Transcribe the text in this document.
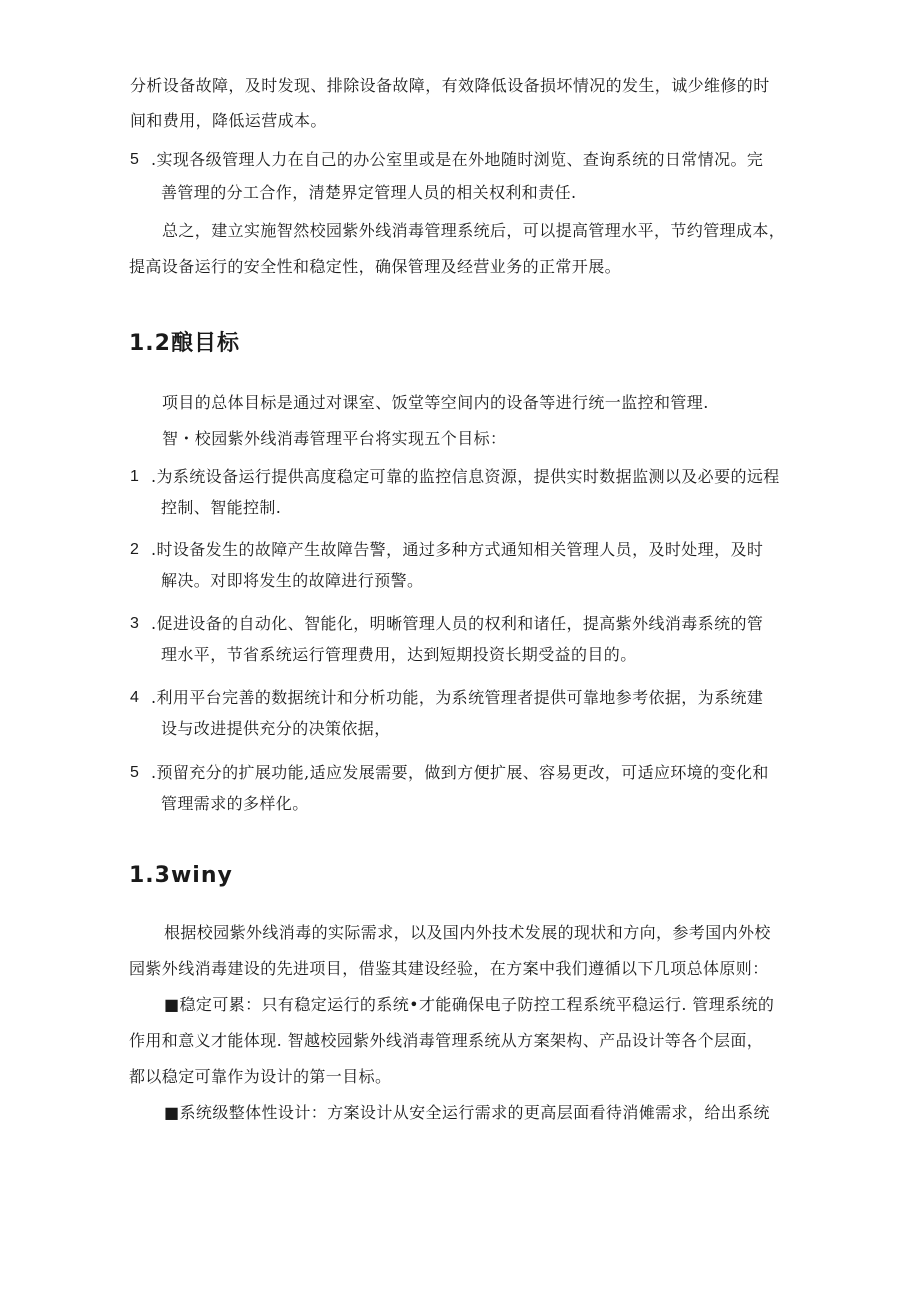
分析设备故障，及时发现、排除设备故障，有效降低设备损坏情况的发生，诚少维修的时
间和费用，降低运营成本。
5 .实现各级管理人力在自己的办公室里或是在外地随时浏览、查询系统的日常情况。完
善管理的分工合作，清楚界定管理人员的相关权利和责任.
总之，建立实施智然校园紫外线消毒管理系统后，可以提高管理水平，节约管理成本，
提高设备运行的安全性和稳定性，确保管理及经营业务的正常开展。
1.2酿目标
项目的总体目标是通过对课室、饭堂等空间内的设备等进行统一监控和管理.
智・校园紫外线消毒管理平台将实现五个目标：
1 .为系统设备运行提供高度稳定可靠的监控信息资源，提供实时数据监测以及必要的远程
控制、智能控制.
2 .时设备发生的故障产生故障告警，通过多种方式通知相关管理人员，及时处理，及时
解决。对即将发生的故障进行预警。
3 .促进设备的自动化、智能化，明晰管理人员的权利和诸任，提高紫外线消毒系统的管
理水平，节省系统运行管理费用，达到短期投资长期受益的目的。
4 .利用平台完善的数据统计和分析功能，为系统管理者提供可靠地参考依据，为系统建
设与改进提供充分的决策依据，
5 .预留充分的扩展功能,适应发展需要，做到方便扩展、容易更改，可适应环境的变化和
管理需求的多样化。
1.3winy
根据校园紫外线消毒的实际需求，以及国内外技术发展的现状和方向，参考国内外校
园紫外线消毒建设的先进项目，借鉴其建设经验，在方案中我们遵循以下几项总体原则：
■稳定可累：只有稳定运行的系统•才能确保电子防控工程系统平稳运行. 管理系统的
作用和意义才能体现. 智越校园紫外线消毒管理系统从方案架构、产品设计等各个层面，
都以稳定可靠作为设计的第一目标。
■系统级整体性设计：方案设计从安全运行需求的更高层面看待消傩需求，给出系统
